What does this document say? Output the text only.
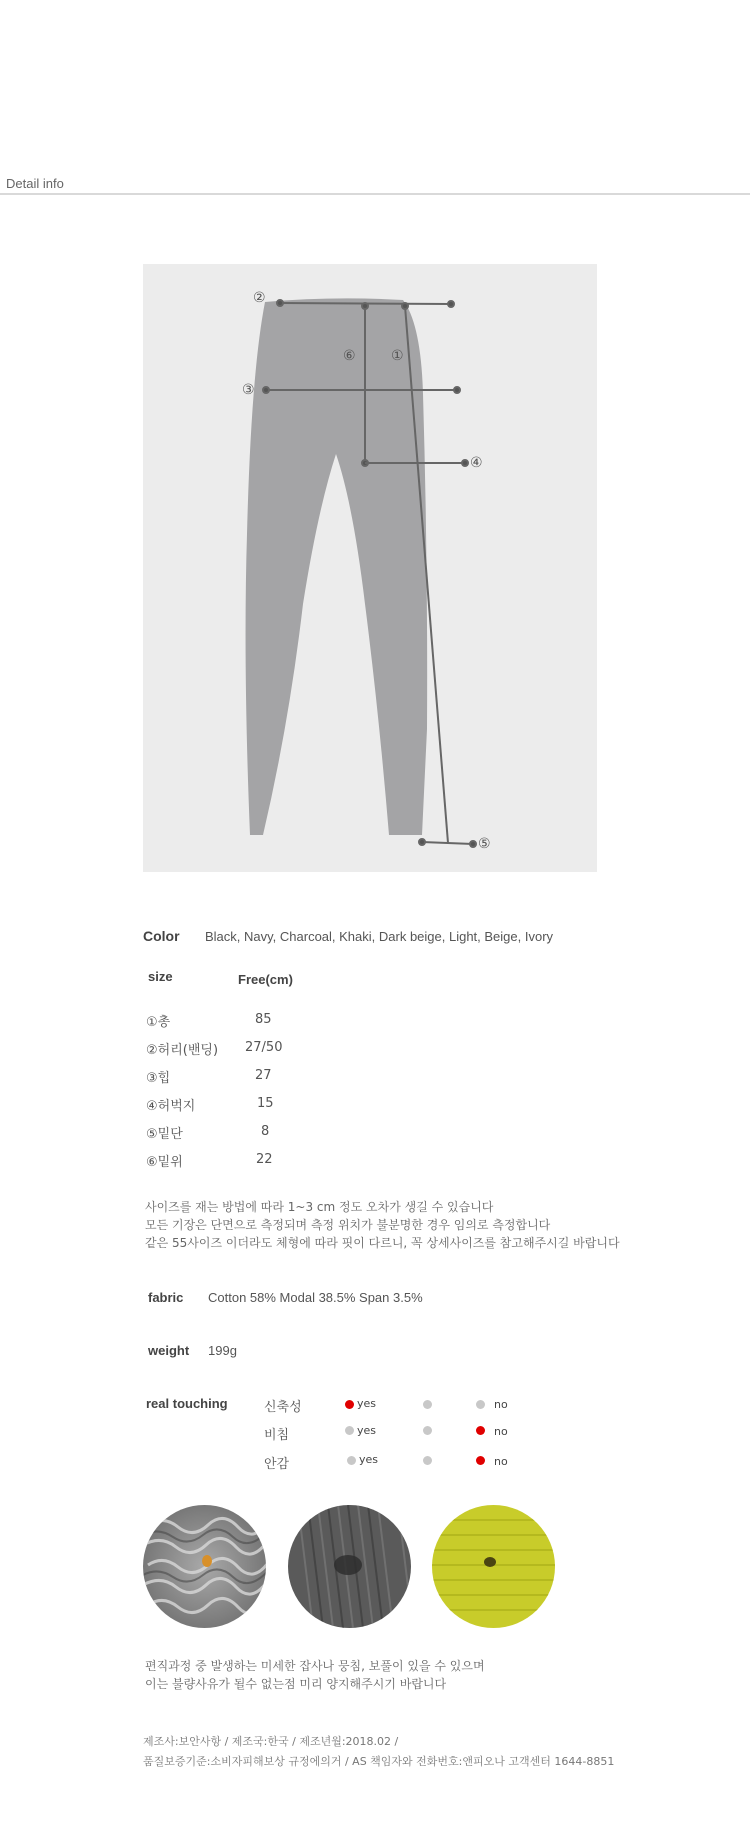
Detail info
②
③
⑥	①
④
⑤
Color Black, Navy, Charcoal, Khaki, Dark beige, Light, Beige, Ivory
size	Free(cm)
①총	85
②허리(밴딩) 27/50
③힙	27
④허벅지	15
⑤밑단	8
⑥밑위	22
사이즈를 재는 방법에 따라 1~3 cm 정도 오차가 생길 수 있습니다
모든 기장은 단면으로 측정되며 측정 위치가 불분명한 경우 임의로 측정합니다
같은 55사이즈 이더라도 체형에 따라 핏이 다르니, 꼭 상세사이즈를 참고해주시길 바랍니다
fabric Cotton 58% Modal 38.5% Span 3.5%
weight 199g
real touching	신축성	yes	no
비침	yes	no
안감	yes	no
편직과정 중 발생하는 미세한 잡사나 뭉침, 보풀이 있을 수 있으며
이는 불량사유가 될수 없는점 미리 양지해주시기 바랍니다
제조사:보안사항 / 제조국:한국 / 제조년월:2018.02 /
품질보증기준:소비자피해보상 규정에의거 / AS 책임자와 전화번호:앤피오나 고객센터 1644-8851
